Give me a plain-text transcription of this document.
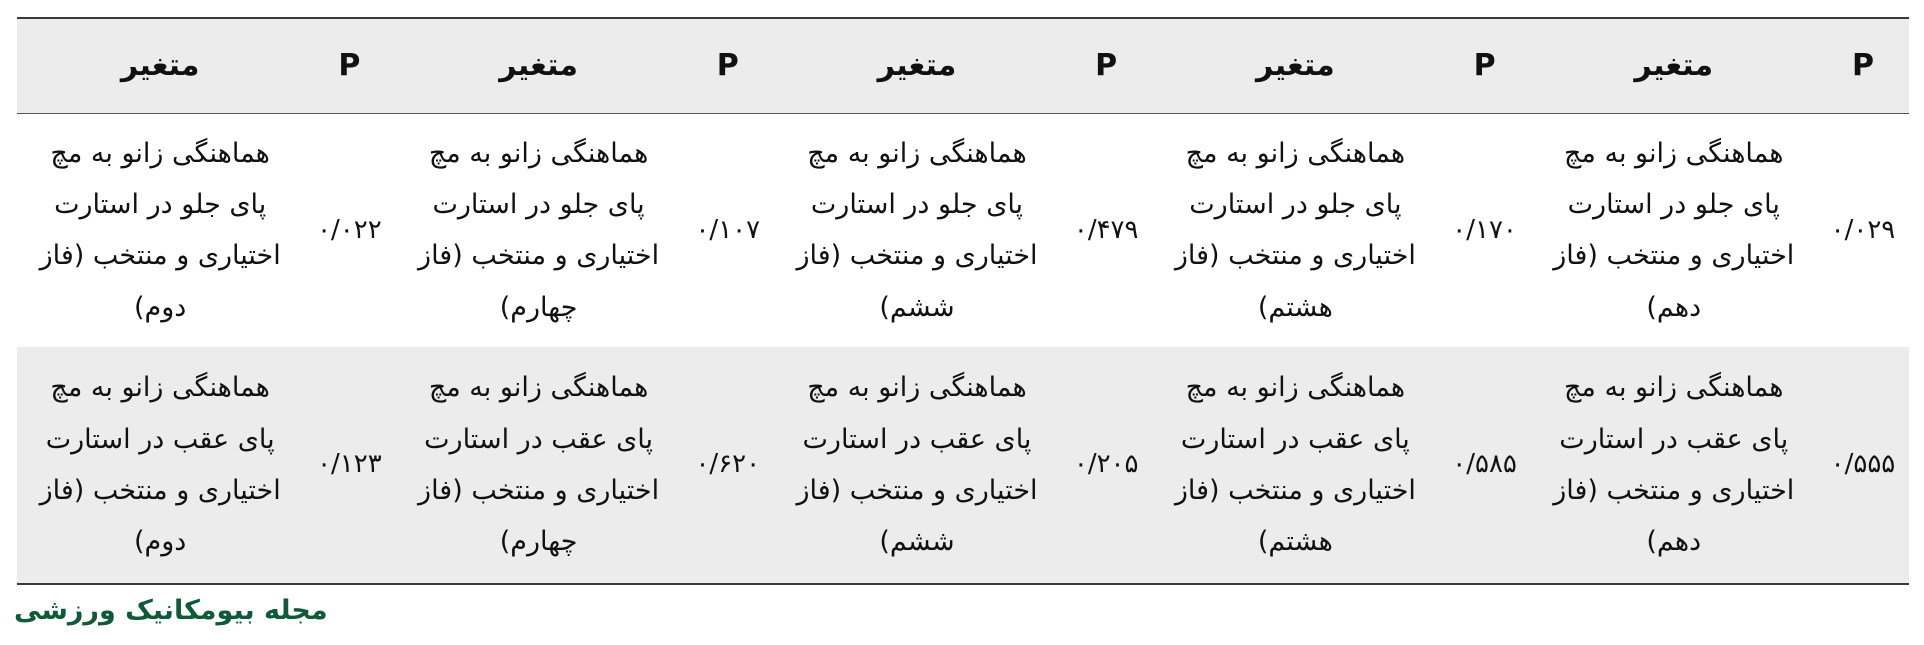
P	متغیر	P	متغیر	P	متغیر	P	متغیر	P	متغیر
۰/۰۲۹	هماهنگی زانو به مچ پای جلو در استارت اختیاری و منتخب (فاز دهم)	۰/۱۷۰	هماهنگی زانو به مچ پای جلو در استارت اختیاری و منتخب (فاز هشتم)	۰/۴۷۹	هماهنگی زانو به مچ پای جلو در استارت اختیاری و منتخب (فاز ششم)	۰/۱۰۷	هماهنگی زانو به مچ پای جلو در استارت اختیاری و منتخب (فاز چهارم)	۰/۰۲۲	هماهنگی زانو به مچ پای جلو در استارت اختیاری و منتخب (فاز دوم)
۰/۵۵۵	هماهنگی زانو به مچ پای عقب در استارت اختیاری و منتخب (فاز دهم)	۰/۵۸۵	هماهنگی زانو به مچ پای عقب در استارت اختیاری و منتخب (فاز هشتم)	۰/۲۰۵	هماهنگی زانو به مچ پای عقب در استارت اختیاری و منتخب (فاز ششم)	۰/۶۲۰	هماهنگی زانو به مچ پای عقب در استارت اختیاری و منتخب (فاز چهارم)	۰/۱۲۳	هماهنگی زانو به مچ پای عقب در استارت اختیاری و منتخب (فاز دوم)
مجله بیومکانیک ورزشی
